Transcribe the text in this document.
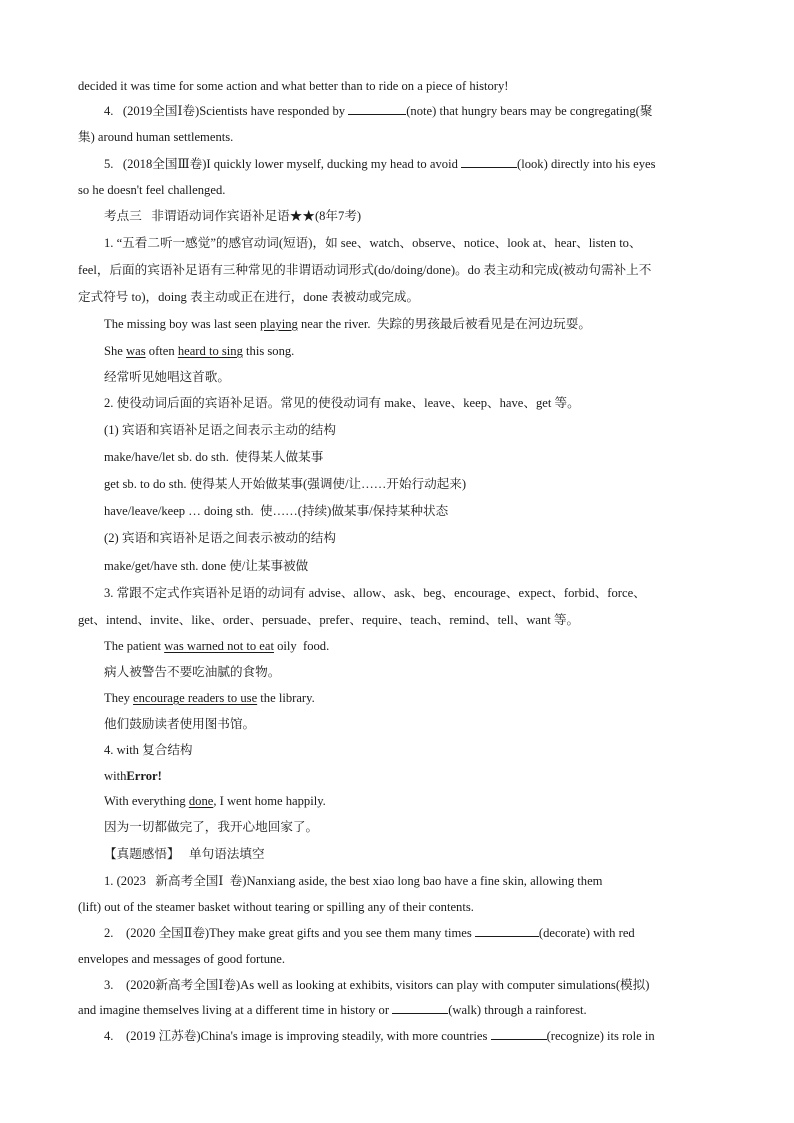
decided it was time for some action and what better than to ride on a piece of history!
4.   (2019全国Ⅰ卷)Scientists have responded by	(note) that hungry bears may be congregating(聚
集) around human settlements.
5.   (2018全国Ⅲ卷)I quickly lower myself, ducking my head to avoid	(look) directly into his eyes
so he doesn't feel challenged.
考点三   非谓语动词作宾语补足语★★(8年7考)
1. “五看二听一感觉”的感官动词(短语)，如 see、watch、observe、notice、look at、hear、listen to、
feel，后面的宾语补足语有三种常见的非谓语动词形式(do/doing/done)。do 表主动和完成(被动句需补上不
定式符号 to)，doing 表主动或正在进行，done 表被动或完成。
The missing boy was last seen playing near the river.  失踪的男孩最后被看见是在河边玩耍。
She was often heard to sing this song.
经常听见她唱这首歌。
2. 使役动词后面的宾语补足语。常见的使役动词有 make、leave、keep、have、get 等。
(1) 宾语和宾语补足语之间表示主动的结构
make/have/let sb. do sth.  使得某人做某事
get sb. to do sth. 使得某人开始做某事(强调使/让……开始行动起来)
have/leave/keep … doing sth.  使……(持续)做某事/保持某种状态
(2) 宾语和宾语补足语之间表示被动的结构
make/get/have sth. done 使/让某事被做
3. 常跟不定式作宾语补足语的动词有 advise、allow、ask、beg、encourage、expect、forbid、force、
get、intend、invite、like、order、persuade、prefer、require、teach、remind、tell、want 等。
The patient was warned not to eat oily  food.
病人被警告不要吃油腻的食物。
They encourage readers to use the library.
他们鼓励读者使用图书馆。
4. with 复合结构
withError!
With everything done, I went home happily.
因为一切都做完了，我开心地回家了。
【真题感悟】   单句语法填空
1. (2023   新高考全国Ⅰ  卷)Nanxiang aside, the best xiao long bao have a fine skin, allowing them
(lift) out of the steamer basket without tearing or spilling any of their contents.
2.    (2020 全国Ⅱ卷)They make great gifts and you see them many times	(decorate) with red
envelopes and messages of good fortune.
3.    (2020新高考全国Ⅰ卷)As well as looking at exhibits, visitors can play with computer simulations(模拟)
and imagine themselves living at a different time in history or	(walk) through a rainforest.
4.    (2019 江苏卷)China's image is improving steadily, with more countries	(recognize) its role in
